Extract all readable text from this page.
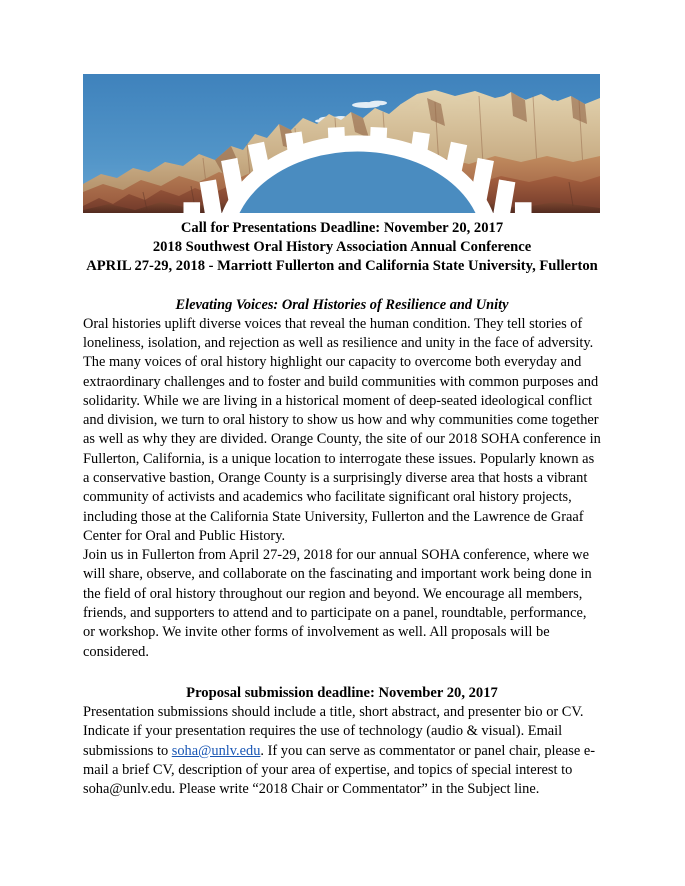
Call for Presentations Deadline: November 20, 2017
2018 Southwest Oral History Association Annual Conference
APRIL 27-29, 2018 - Marriott Fullerton and California State University, Fullerton
Elevating Voices: Oral Histories of Resilience and Unity

Oral histories uplift diverse voices that reveal the human condition. They tell stories of loneliness, isolation, and rejection as well as resilience and unity in the face of adversity. The many voices of oral history highlight our capacity to overcome both everyday and extraordinary challenges and to foster and build communities with common purposes and solidarity. While we are living in a historical moment of deep-seated ideological conflict and division, we turn to oral history to show us how and why communities come together as well as why they are divided. Orange County, the site of our 2018 SOHA conference in Fullerton, California, is a unique location to interrogate these issues. Popularly known as a conservative bastion, Orange County is a surprisingly diverse area that hosts a vibrant community of activists and academics who facilitate significant oral history projects, including those at the California State University, Fullerton and the Lawrence de Graaf Center for Oral and Public History.

Join us in Fullerton from April 27-29, 2018 for our annual SOHA conference, where we will share, observe, and collaborate on the fascinating and important work being done in the field of oral history throughout our region and beyond. We encourage all members, friends, and supporters to attend and to participate on a panel, roundtable, performance, or workshop. We invite other forms of involvement as well. All proposals will be considered.

Proposal submission deadline: November 20, 2017

Presentation submissions should include a title, short abstract, and presenter bio or CV. Indicate if your presentation requires the use of technology (audio & visual). Email submissions to soha@unlv.edu. If you can serve as commentator or panel chair, please e-mail a brief CV, description of your area of expertise, and topics of special interest to soha@unlv.edu. Please write “2018 Chair or Commentator” in the Subject line.
